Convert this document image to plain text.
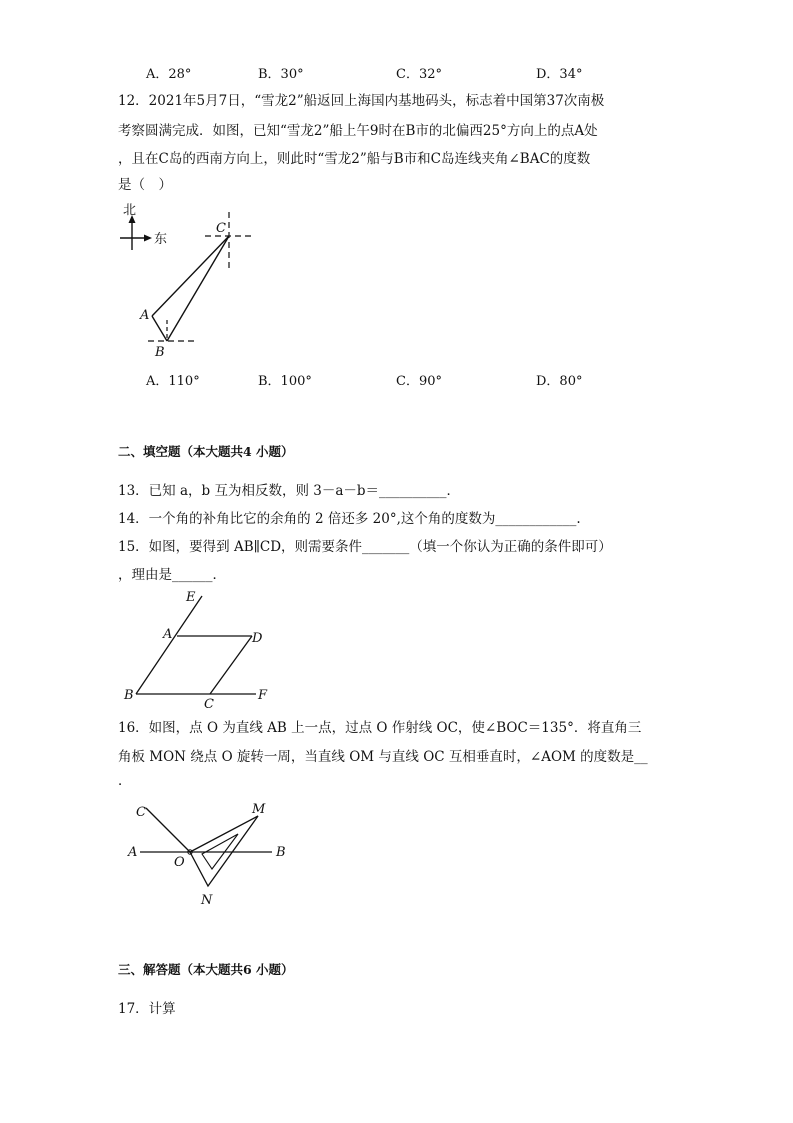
A．28°	B．30°	C．32°	D．34°
12．2021年5月7日，“雪龙2”船返回上海国内基地码头，标志着中国第37次南极
考察圆满完成．如图，已知“雪龙2”船上午9时在B市的北偏西25°方向上的点A处
，且在C岛的西南方向上，则此时“雪龙2”船与B市和C岛连线夹角∠BAC的度数
是（　）
北
东
C
A
B
A．110°	B．100°	C．90°	D．80°
二、填空题（本大题共4 小题）
13．已知 a，b 互为相反数，则 3－a－b＝__________．
14．一个角的补角比它的余角的 2 倍还多 20°,这个角的度数为____________.
15．如图，要得到 AB∥CD，则需要条件_______（填一个你认为正确的条件即可）
，理由是______．
E
A	D
B
C
F
16．如图，点 O 为直线 AB 上一点，过点 O 作射线 OC，使∠BOC＝135°．将直角三
角板 MON 绕点 O 旋转一周，当直线 OM 与直线 OC 互相垂直时，∠AOM 的度数是__
．
C	M
A
O
B
N
三、解答题（本大题共6 小题）
17．计算
